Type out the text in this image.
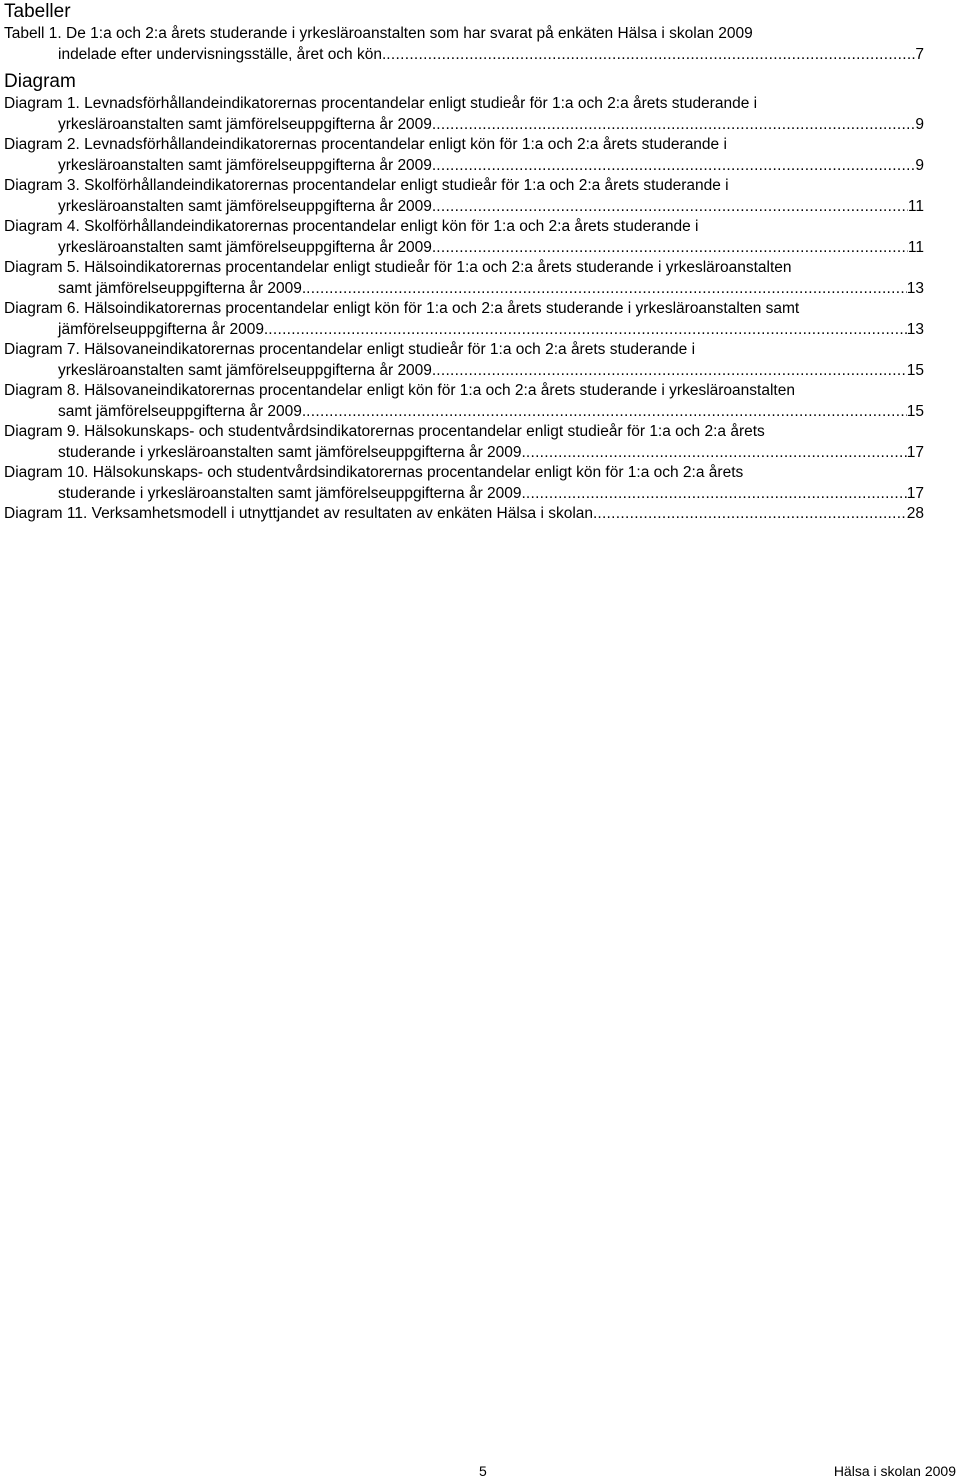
Tabeller
Tabell 1. De 1:a och 2:a årets studerande i yrkesläroanstalten som har svarat på enkäten Hälsa i skolan 2009
indelade efter undervisningsställe, året och kön. .....	7
Diagram
Diagram 1. Levnadsförhållandeindikatorernas procentandelar enligt studieår för 1:a och 2:a årets studerande i
yrkesläroanstalten samt jämförelseuppgifterna år 2009. .....	9
Diagram 2. Levnadsförhållandeindikatorernas procentandelar enligt kön för 1:a och 2:a årets studerande i
yrkesläroanstalten samt jämförelseuppgifterna år 2009. .....	9
Diagram 3. Skolförhållandeindikatorernas procentandelar enligt studieår för 1:a och 2:a årets studerande i
yrkesläroanstalten samt jämförelseuppgifterna år 2009. .....	11
Diagram 4. Skolförhållandeindikatorernas procentandelar enligt kön för 1:a och 2:a årets studerande i
yrkesläroanstalten samt jämförelseuppgifterna år 2009. .....	11
Diagram 5. Hälsoindikatorernas procentandelar enligt studieår för 1:a och 2:a årets studerande i yrkesläroanstalten
samt jämförelseuppgifterna år 2009. .....	13
Diagram 6. Hälsoindikatorernas procentandelar enligt kön för 1:a och 2:a årets studerande i yrkesläroanstalten samt
jämförelseuppgifterna år 2009. .....	13
Diagram 7. Hälsovaneindikatorernas procentandelar enligt studieår för 1:a och 2:a årets studerande i
yrkesläroanstalten samt jämförelseuppgifterna år 2009. .....	15
Diagram 8. Hälsovaneindikatorernas procentandelar enligt kön för 1:a och 2:a årets studerande i yrkesläroanstalten
samt jämförelseuppgifterna år 2009. .....	15
Diagram 9. Hälsokunskaps- och studentvårdsindikatorernas procentandelar enligt studieår för 1:a och 2:a årets
studerande i yrkesläroanstalten samt jämförelseuppgifterna år 2009. .....	17
Diagram 10. Hälsokunskaps- och studentvårdsindikatorernas procentandelar enligt kön för 1:a och 2:a årets
studerande i yrkesläroanstalten samt jämförelseuppgifterna år 2009. .....	17
Diagram 11. Verksamhetsmodell i utnyttjandet av resultaten av enkäten Hälsa i skolan. .....	28
5	Hälsa i skolan 2009
